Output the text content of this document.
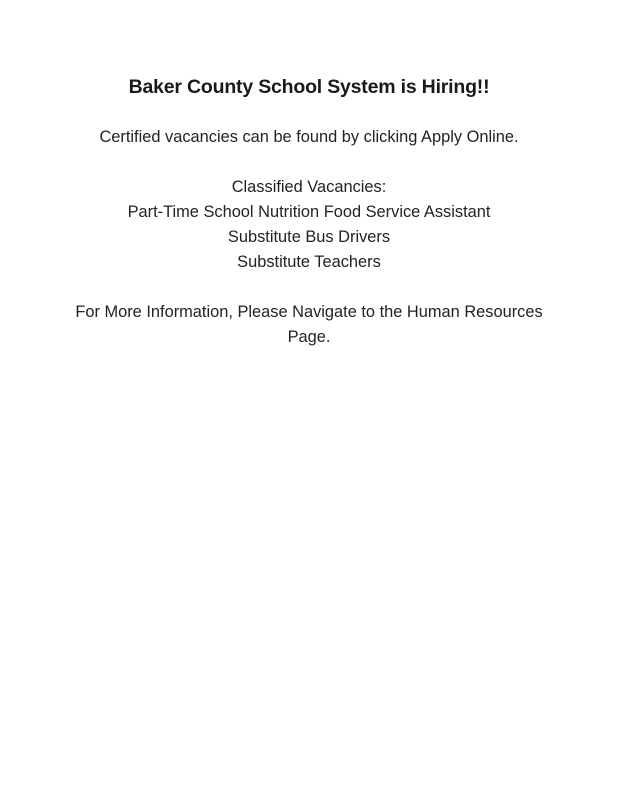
Baker County School System is Hiring!!

Certified vacancies can be found by clicking Apply Online.

Classified Vacancies:
Part-Time School Nutrition Food Service Assistant
Substitute Bus Drivers
Substitute Teachers

For More Information, Please Navigate to the Human Resources Page.
